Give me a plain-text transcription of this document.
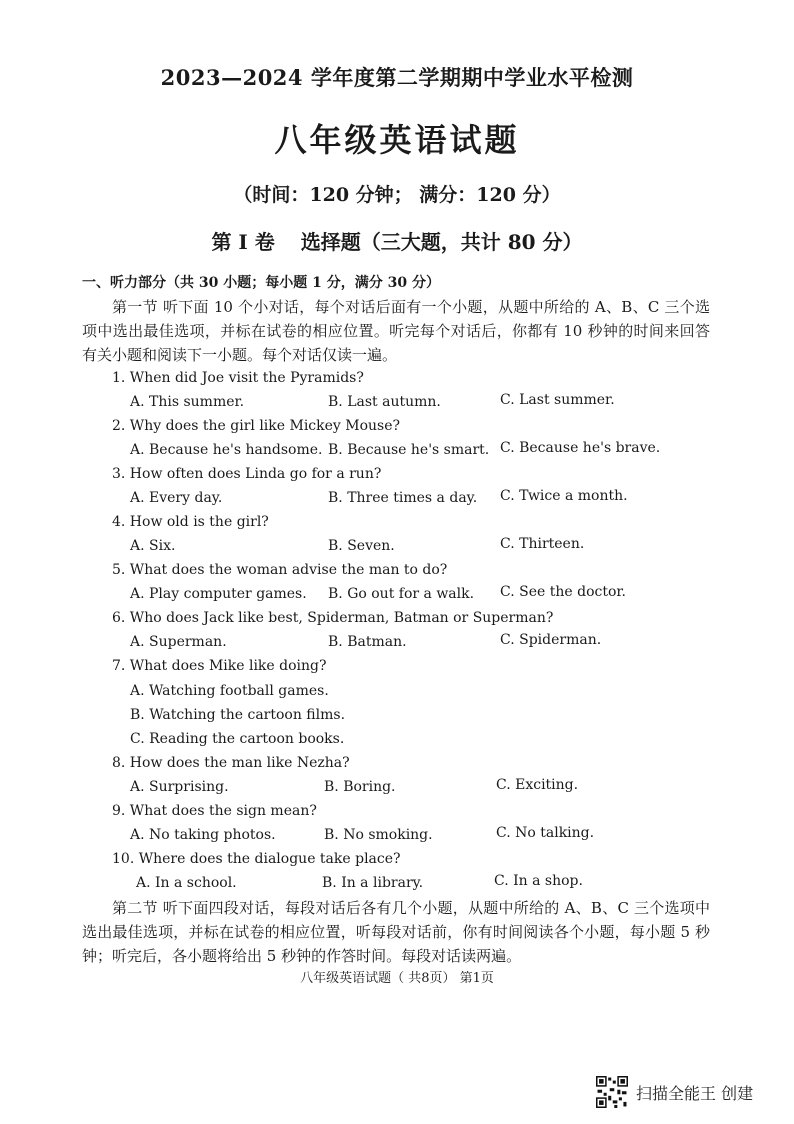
2023—2024 学年度第二学期期中学业水平检测
八年级英语试题
（时间：120 分钟； 满分：120 分）
第 I 卷 选择题（三大题，共计 80 分）
一、听力部分（共 30 小题；每小题 1 分，满分 30 分）
第一节 听下面 10 个小对话，每个对话后面有一个小题，从题中所给的 A、B、C 三个选项中选出最佳选项，并标在试卷的相应位置。听完每个对话后，你都有 10 秒钟的时间来回答有关小题和阅读下一小题。每个对话仅读一遍。
1. When did Joe visit the Pyramids?
A. This summer.	B. Last autumn.	C. Last summer.
2. Why does the girl like Mickey Mouse?
A. Because he's handsome. B. Because he's smart. C. Because he's brave.
3. How often does Linda go for a run?
A. Every day.	B. Three times a day. C. Twice a month.
4. How old is the girl?
A. Six.	B. Seven.	C. Thirteen.
5. What does the woman advise the man to do?
A. Play computer games. B. Go out for a walk. C. See the doctor.
6. Who does Jack like best, Spiderman, Batman or Superman?
A. Superman.	B. Batman.	C. Spiderman.
7. What does Mike like doing?
A. Watching football games.
B. Watching the cartoon films.
C. Reading the cartoon books.
8. How does the man like Nezha?
A. Surprising.	B. Boring.	C. Exciting.
9. What does the sign mean?
A. No taking photos.	B. No smoking.	C. No talking.
10. Where does the dialogue take place?
A. In a school.	B. In a library.	C. In a shop.
第二节 听下面四段对话，每段对话后各有几个小题，从题中所给的 A、B、C 三个选项中选出最佳选项，并标在试卷的相应位置，听每段对话前，你有时间阅读各个小题，每小题 5 秒钟；听完后，各小题将给出 5 秒钟的作答时间。每段对话读两遍。
八年级英语试题（ 共8页） 第1页
扫描全能王 创建
